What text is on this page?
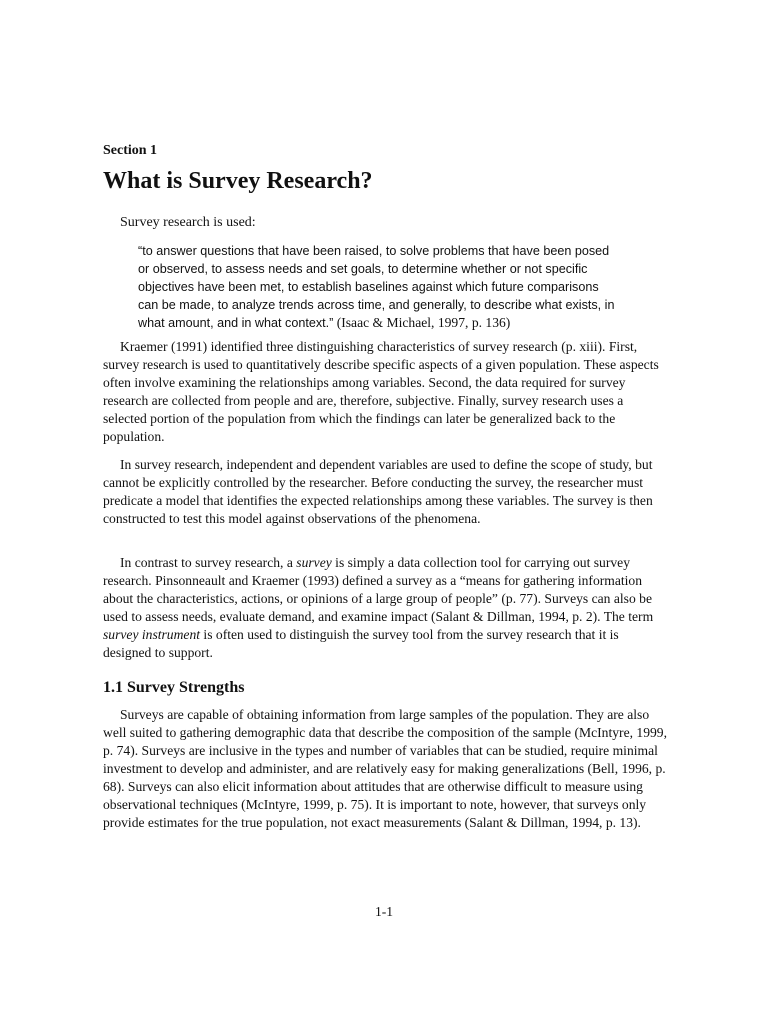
Section 1

What is Survey Research?

Survey research is used:

“to answer questions that have been raised, to solve problems that have been posed or observed, to assess needs and set goals, to determine whether or not specific objectives have been met, to establish baselines against which future comparisons can be made, to analyze trends across time, and generally, to describe what exists, in what amount, and in what context.” (Isaac & Michael, 1997, p. 136)

Kraemer (1991) identified three distinguishing characteristics of survey research (p. xiii). First, survey research is used to quantitatively describe specific aspects of a given population. These aspects often involve examining the relationships among variables. Second, the data required for survey research are collected from people and are, therefore, subjective. Finally, survey research uses a selected portion of the population from which the findings can later be generalized back to the population.

In survey research, independent and dependent variables are used to define the scope of study, but cannot be explicitly controlled by the researcher. Before conducting the survey, the researcher must predicate a model that identifies the expected relationships among these variables. The survey is then constructed to test this model against observations of the phenomena.

In contrast to survey research, a survey is simply a data collection tool for carrying out survey research. Pinsonneault and Kraemer (1993) defined a survey as a “means for gathering information about the characteristics, actions, or opinions of a large group of people” (p. 77). Surveys can also be used to assess needs, evaluate demand, and examine impact (Salant & Dillman, 1994, p. 2). The term survey instrument is often used to distinguish the survey tool from the survey research that it is designed to support.

1.1 Survey Strengths

Surveys are capable of obtaining information from large samples of the population. They are also well suited to gathering demographic data that describe the composition of the sample (McIntyre, 1999, p. 74). Surveys are inclusive in the types and number of variables that can be studied, require minimal investment to develop and administer, and are relatively easy for making generalizations (Bell, 1996, p. 68). Surveys can also elicit information about attitudes that are otherwise difficult to measure using observational techniques (McIntyre, 1999, p. 75). It is important to note, however, that surveys only provide estimates for the true population, not exact measurements (Salant & Dillman, 1994, p. 13).

1-1
